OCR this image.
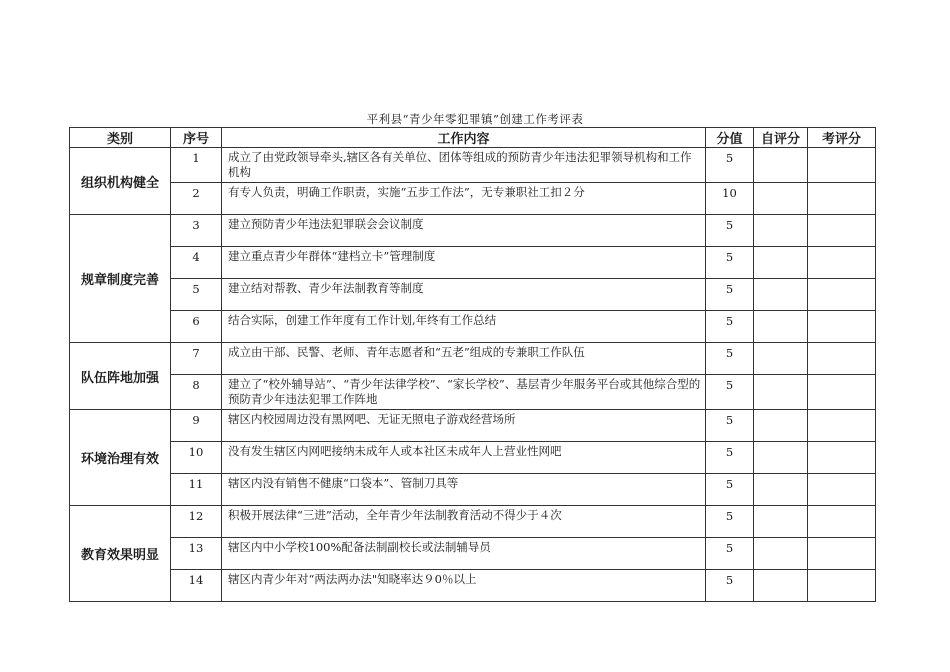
平利县“青少年零犯罪镇”创建工作考评表
类别	序号	工作内容	分值	自评分	考评分
组织机构健全	1	成立了由党政领导牵头,辖区各有关单位、团体等组成的预防青少年违法犯罪领导机构和工作机构	5		
	2	有专人负责，明确工作职责，实施“五步工作法”，无专兼职社工扣２分	10		
规章制度完善	3	建立预防青少年违法犯罪联会会议制度	5		
	4	建立重点青少年群体“建档立卡”管理制度	5		
	5	建立结对帮教、青少年法制教育等制度	5		
	6	结合实际，创建工作年度有工作计划,年终有工作总结	5		
队伍阵地加强	7	成立由干部、民警、老师、青年志愿者和“五老”组成的专兼职工作队伍	5		
	8	建立了“校外辅导站”、“青少年法律学校”、“家长学校”、基层青少年服务平台或其他综合型的预防青少年违法犯罪工作阵地	5		
环境治理有效	9	辖区内校园周边没有黑网吧、无证无照电子游戏经营场所	5		
	10	没有发生辖区内网吧接纳未成年人或本社区未成年人上营业性网吧	5		
	11	辖区内没有销售不健康“口袋本”、管制刀具等	5		
教育效果明显	12	积极开展法律“三进”活动，全年青少年法制教育活动不得少于４次	5		
	13	辖区内中小学校100%配备法制副校长或法制辅导员	5		
	14	辖区内青少年对“两法两办法"知晓率达９0％以上	5		
